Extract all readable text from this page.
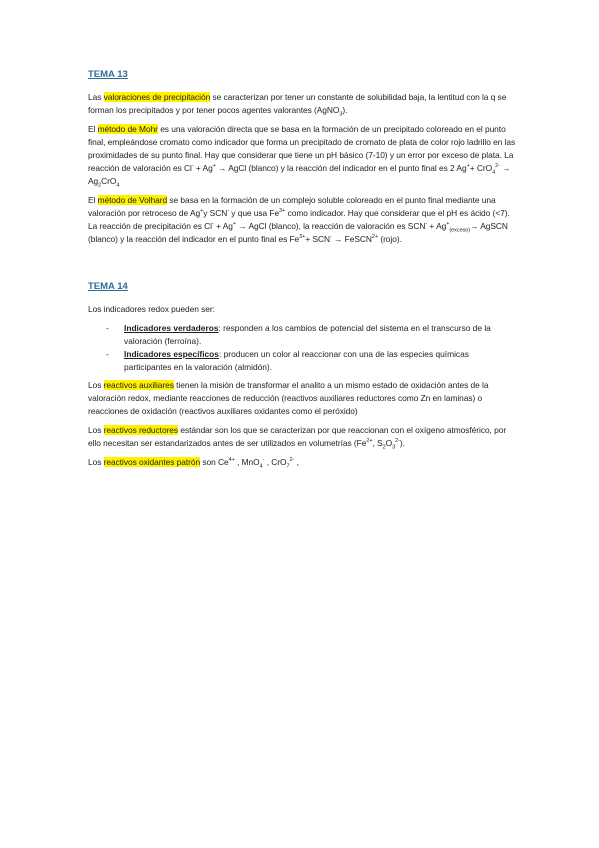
TEMA 13

Las valoraciones de precipitación se caracterizan por tener un constante de solubilidad baja, la lentitud con la q se forman los precipitados y por tener pocos agentes valorantes (AgNO$_3$).

El método de Mohr es una valoración directa que se basa en la formación de un precipitado coloreado en el punto final, empleándose cromato como indicador que forma un precipitado de cromato de plata de color rojo ladrillo en las proximidades de su punto final. Hay que considerar que tiene un pH básico (7-10) y un error por exceso de plata. La reacción de valoración es Cl- + Ag+ → AgCl (blanco) y la reacción del indicador en el punto final es 2 $Ag^++ CrO_4^{2-} \to Ag_2CrO_4$

El método de Volhard se basa en la formación de un complejo soluble coloreado en el punto final mediante una valoración por retroceso de Ag+y SCN- y que usa $Fe^{3+}$ como indicador. Hay que considerar que el pH es ácido (<7). La reacción de precipitación es Cl- + Ag+ → AgCl (blanco), la reacción de valoración es $SCN^- + Ag^+_{(exceso)}\to$ AgSCN (blanco) y la reacción del indicador en el punto final es $Fe^{3+}+ SCN^-$ → FeSCN$^{2+}$ (rojo).

TEMA 14

Los indicadores redox pueden ser:

- Indicadores verdaderos: responden a los cambios de potencial del sistema en el transcurso de la valoración (ferroína).
- Indicadores específicos: producen un color al reaccionar con una de las especies químicas participantes en la valoración (almidón).

Los reactivos auxiliares tienen la misión de transformar el analito a un mismo estado de oxidación antes de la valoración redox, mediante reacciones de reducción (reactivos auxiliares reductores como Zn en laminas) o reacciones de oxidación (reactivos auxiliares oxidantes como el peróxido)

Los reactivos reductores estándar son los que se caracterizan por que reaccionan con el oxígeno atmosférico, por ello necesitan ser estandarizados antes de ser utilizados en volumetrías ($Fe^{2+}$, $S_2O_3^{2-}$).

Los reactivos oxidantes patrón son $Ce^{4+}$ , MnO$_4$- , CrO$_7^{2-}$ ,
